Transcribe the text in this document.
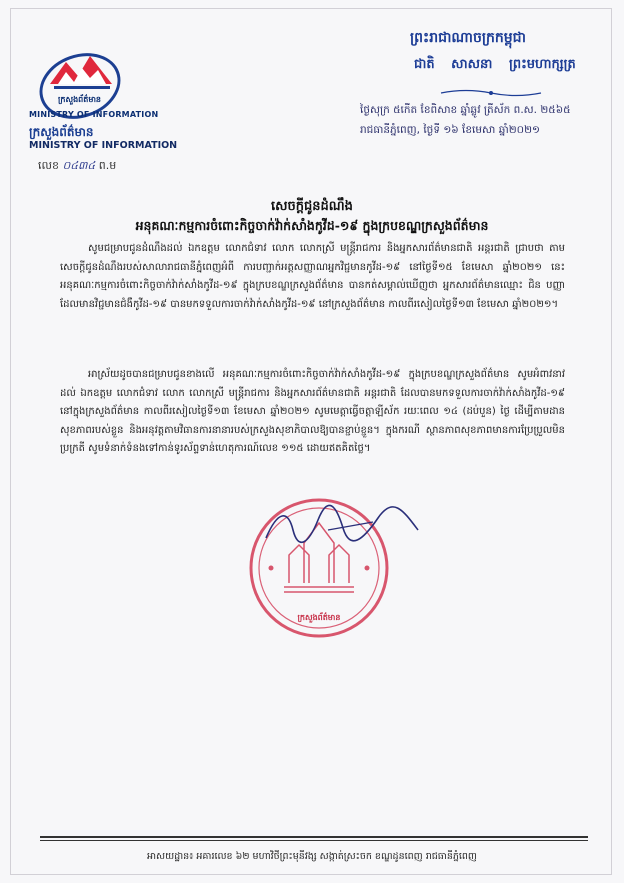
ក្រសួងព័ត៌មាន
MINISTRY OF INFORMATION
ក្រសួងព័ត៌មាន
MINISTRY OF INFORMATION
ព្រះរាជាណាចក្រកម្ពុជា
ជាតិ សាសនា ព្រះមហាក្សត្រ
ថ្ងៃសុក្រ ៥កើត ខែពិសាខ ឆ្នាំឆ្លូវ ត្រីស័ក ព.ស. ២៥៦៥
រាជធានីភ្នំពេញ, ថ្ងៃទី ១៦ ខែមេសា ឆ្នាំ២០២១
លេខ ០៤៣៤ ព.ម
សេចក្តីជូនដំណឹង
អនុគណៈកម្មការចំពោះកិច្ចចាក់វ៉ាក់សាំងកូវីដ-១៩ ក្នុងក្របខណ្ឌក្រសួងព័ត៌មាន
សូមជម្រាបជូនដំណឹងដល់ ឯកឧត្តម លោកជំទាវ លោក លោកស្រី មន្ត្រីរាជការ និងអ្នកសារព័ត៌មានជាតិ អន្តរជាតិ ជ្រាបថា តាមសេចក្តីជូនដំណឹងរបស់សាលារាជធានីភ្នំពេញអំពី ការបញ្ជាក់អត្តសញ្ញាណអ្នកវិជ្ជមានកូវីដ-១៩ នៅថ្ងៃទី១៥ ខែមេសា ឆ្នាំ២០២១ នេះ អនុគណៈកម្មការចំពោះកិច្ចចាក់វ៉ាក់សាំងកូវីដ-១៩ ក្នុងក្របខណ្ឌក្រសួងព័ត៌មាន បានកត់សម្គាល់ឃើញថា អ្នកសារព័ត៌មានឈ្មោះ ជិន បញ្ញា ដែលមានវិជ្ជមានជំងឺកូវីដ-១៩ បានមកទទួលការចាក់វ៉ាក់សាំងកូវីដ-១៩ នៅក្រសួងព័ត៌មាន កាលពីរសៀលថ្ងៃទី១៣ ខែមេសា ឆ្នាំ២០២១។
អាស្រ័យដូចបានជម្រាបជូនខាងលើ អនុគណៈកម្មការចំពោះកិច្ចចាក់វ៉ាក់សាំងកូវីដ-១៩ ក្នុងក្របខណ្ឌក្រសួងព័ត៌មាន សូមអំពាវនាវដល់ ឯកឧត្តម លោកជំទាវ លោក លោកស្រី មន្ត្រីរាជការ និងអ្នកសារព័ត៌មានជាតិ អន្តរជាតិ ដែលបានមកទទួលការចាក់វ៉ាក់សាំងកូវីដ-១៩ នៅក្នុងក្រសួងព័ត៌មាន កាលពីរសៀលថ្ងៃទី១៣ ខែមេសា ឆ្នាំ២០២១ សូមមេត្តាធ្វើចត្តាឡីស័ក រយៈពេល ១៤ (ដប់បួន) ថ្ងៃ ដើម្បីតាមដានសុខភាពរបស់ខ្លួន និងអនុវត្តតាមវិធានការនានារបស់ក្រសួងសុខាភិបាលឱ្យបានខ្ជាប់ខ្ជួន។ ក្នុងករណី ស្ថានភាពសុខភាពមានការប្រែប្រួលមិនប្រក្រតី សូមទំនាក់ទំនងទៅកាន់ទូរស័ព្ទទាន់ហេតុការណ៍លេខ ១១៥ ដោយឥតគិតថ្លៃ។
ក្រសួងព័ត៌មាន
អាសយដ្ឋាន៖ អគារលេខ ៦២ មហាវិថីព្រះមុនីវង្ស សង្កាត់ស្រះចក ខណ្ឌដូនពេញ រាជធានីភ្នំពេញ
